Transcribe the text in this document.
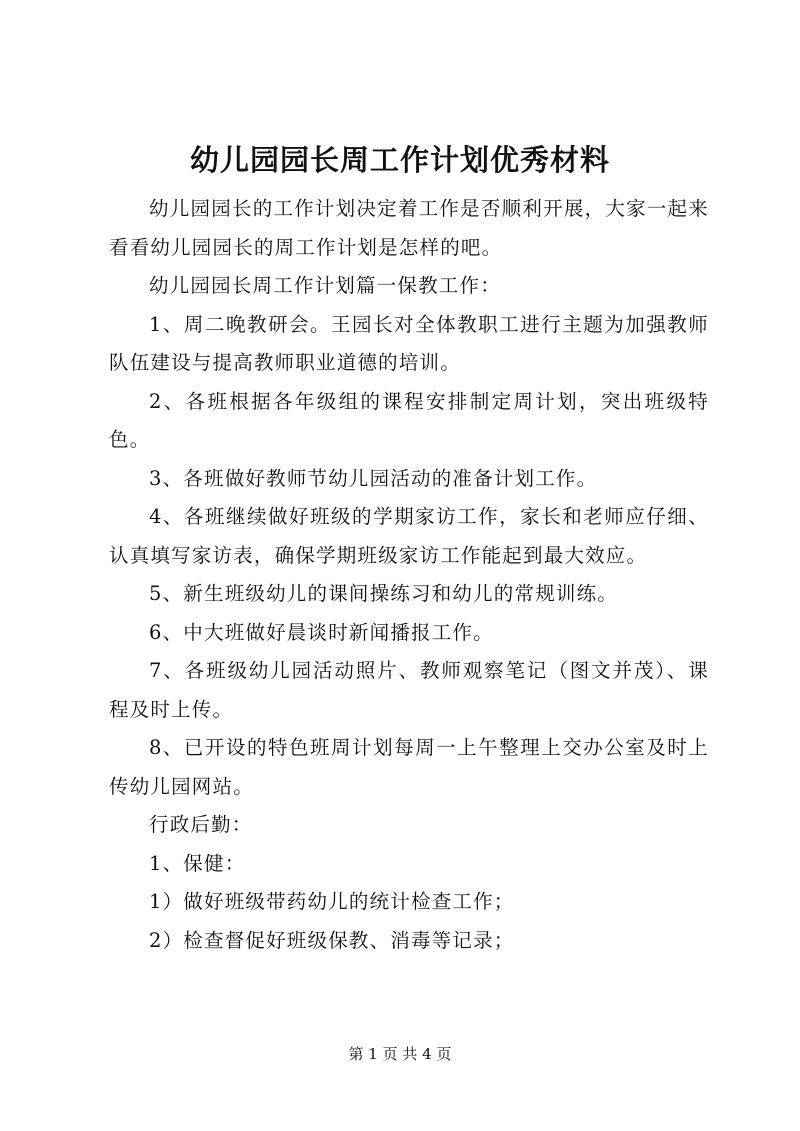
幼儿园园长周工作计划优秀材料

幼儿园园长的工作计划决定着工作是否顺利开展，大家一起来看看幼儿园园长的周工作计划是怎样的吧。

幼儿园园长周工作计划篇一保教工作：

1、周二晚教研会。王园长对全体教职工进行主题为加强教师队伍建设与提高教师职业道德的培训。

2、各班根据各年级组的课程安排制定周计划，突出班级特色。

3、各班做好教师节幼儿园活动的准备计划工作。

4、各班继续做好班级的学期家访工作，家长和老师应仔细、认真填写家访表，确保学期班级家访工作能起到最大效应。

5、新生班级幼儿的课间操练习和幼儿的常规训练。

6、中大班做好晨谈时新闻播报工作。

7、各班级幼儿园活动照片、教师观察笔记（图文并茂）、课程及时上传。

8、已开设的特色班周计划每周一上午整理上交办公室及时上传幼儿园网站。

行政后勤：

1、保健：

1）做好班级带药幼儿的统计检查工作；

2）检查督促好班级保教、消毒等记录；

第 1 页 共 4 页
